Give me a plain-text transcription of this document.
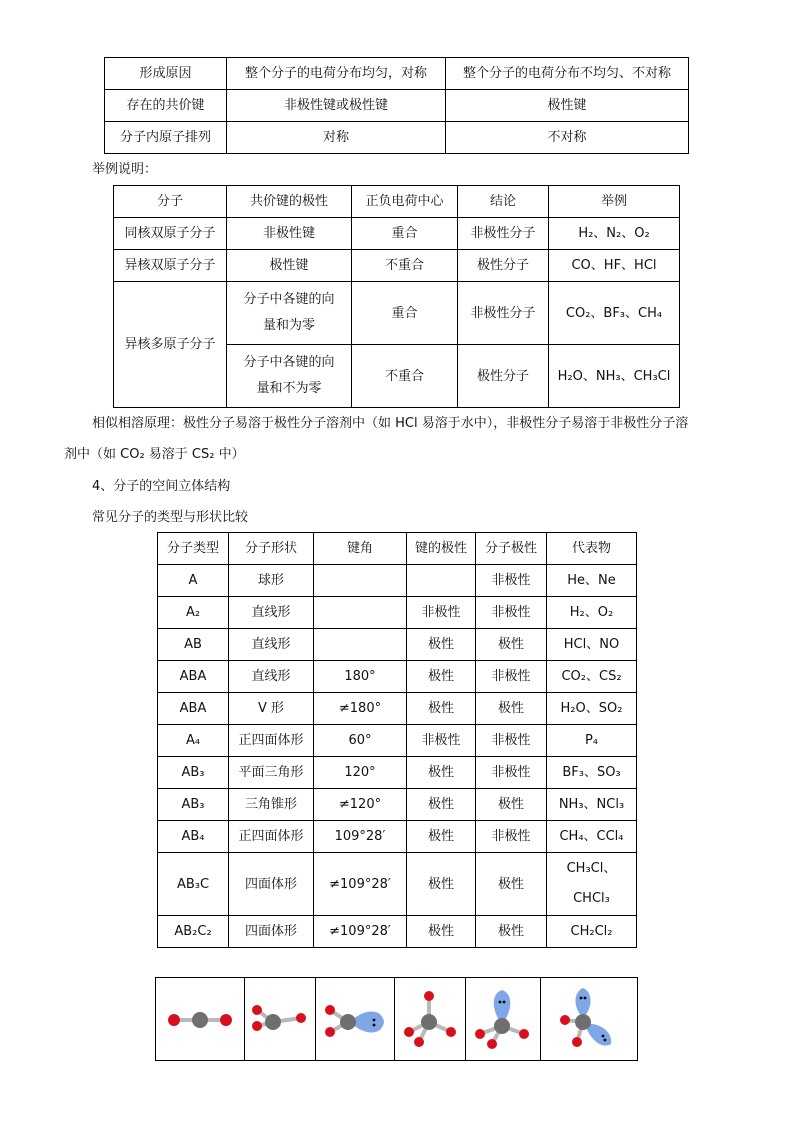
形成原因	整个分子的电荷分布均匀，对称	整个分子的电荷分布不均匀、不对称
存在的共价键	非极性键或极性键	极性键
分子内原子排列	对称	不对称
举例说明：
分子	共价键的极性	正负电荷中心	结论	举例
同核双原子分子	非极性键	重合	非极性分子	H₂、N₂、O₂
异核双原子分子	极性键	不重合	极性分子	CO、HF、HCl
异核多原子分子	分子中各键的向
量和为零	重合	非极性分子	CO₂、BF₃、CH₄

	分子中各键的向
量和不为零	不重合	极性分子	H₂O、NH₃、CH₃Cl
相似相溶原理：极性分子易溶于极性分子溶剂中（如 HCl 易溶于水中），非极性分子易溶于非极性分子溶
剂中（如 CO₂ 易溶于 CS₂ 中）
4、分子的空间立体结构
常见分子的类型与形状比较
分子类型	分子形状	键角	键的极性	分子极性	代表物
A	球形			非极性	He、Ne
A₂	直线形		非极性	非极性	H₂、O₂
AB	直线形		极性	极性	HCl、NO
ABA	直线形	180°	极性	非极性	CO₂、CS₂
ABA	V 形	≠180°	极性	极性	H₂O、SO₂
A₄	正四面体形	60°	非极性	非极性	P₄
AB₃	平面三角形	120°	极性	非极性	BF₃、SO₃
AB₃	三角锥形	≠120°	极性	极性	NH₃、NCl₃
AB₄	正四面体形	109°28′	极性	非极性	CH₄、CCl₄
AB₃C	四面体形	≠109°28′	极性	极性	CH₃Cl、
CHCl₃

AB₂C₂	四面体形	≠109°28′	极性	极性	CH₂Cl₂
